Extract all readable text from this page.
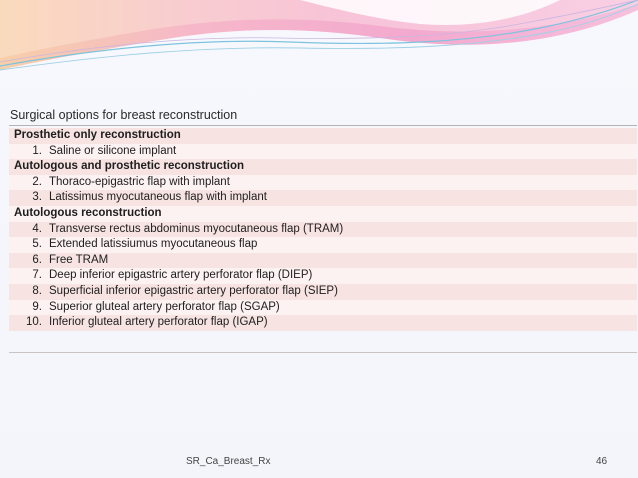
Surgical options for breast reconstruction
Prosthetic only reconstruction
1. Saline or silicone implant
Autologous and prosthetic reconstruction
2. Thoraco-epigastric flap with implant
3. Latissimus myocutaneous flap with implant
Autologous reconstruction
4. Transverse rectus abdominus myocutaneous flap (TRAM)
5. Extended latissiumus myocutaneous flap
6. Free TRAM
7. Deep inferior epigastric artery perforator flap (DIEP)
8. Superficial inferior epigastric artery perforator flap (SIEP)
9. Superior gluteal artery perforator flap (SGAP)
10. Inferior gluteal artery perforator flap (IGAP)
SR_Ca_Breast_Rx	46
